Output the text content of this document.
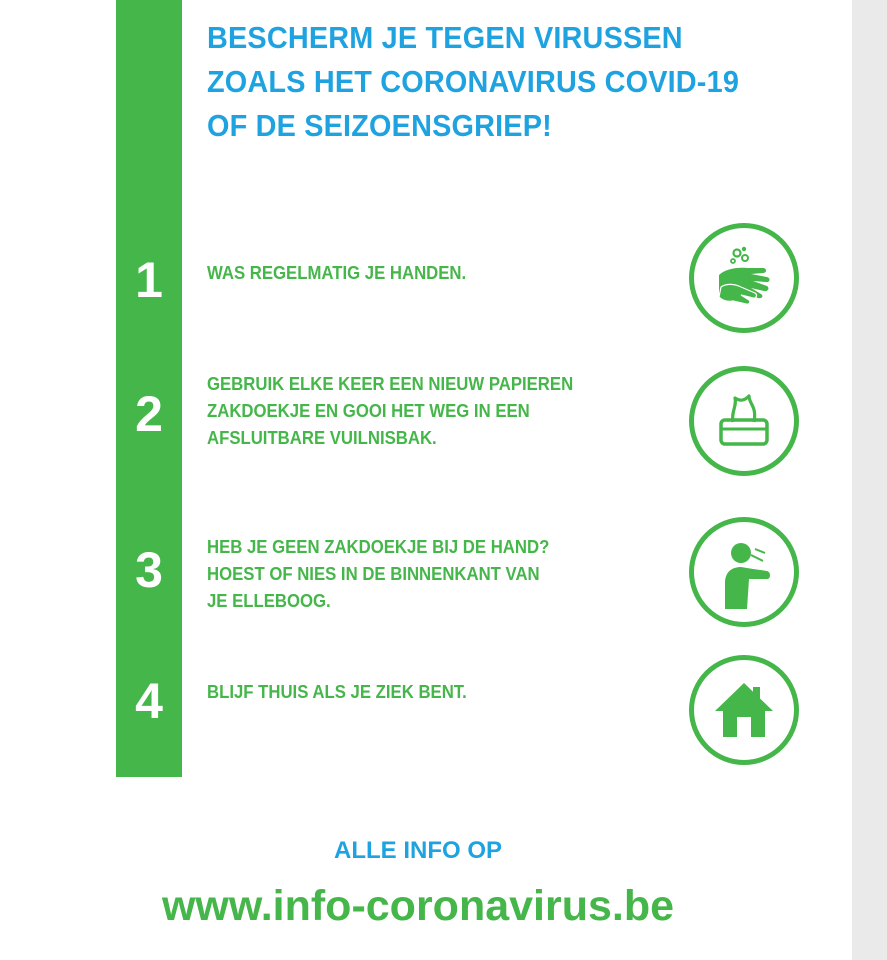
BESCHERM JE TEGEN VIRUSSEN
ZOALS HET CORONAVIRUS COVID-19
OF DE SEIZOENSGRIEP!
1	WAS REGELMATIG JE HANDEN.
2
GEBRUIK ELKE KEER EEN NIEUW PAPIEREN
ZAKDOEKJE EN GOOI HET WEG IN EEN
AFSLUITBARE VUILNISBAK.
3	HEB JE GEEN ZAKDOEKJE BIJ DE HAND?
HOEST OF NIES IN DE BINNENKANT VAN
JE ELLEBOOG.
4	BLIJF THUIS ALS JE ZIEK BENT.
ALLE INFO OP
www.info-coronavirus.be
